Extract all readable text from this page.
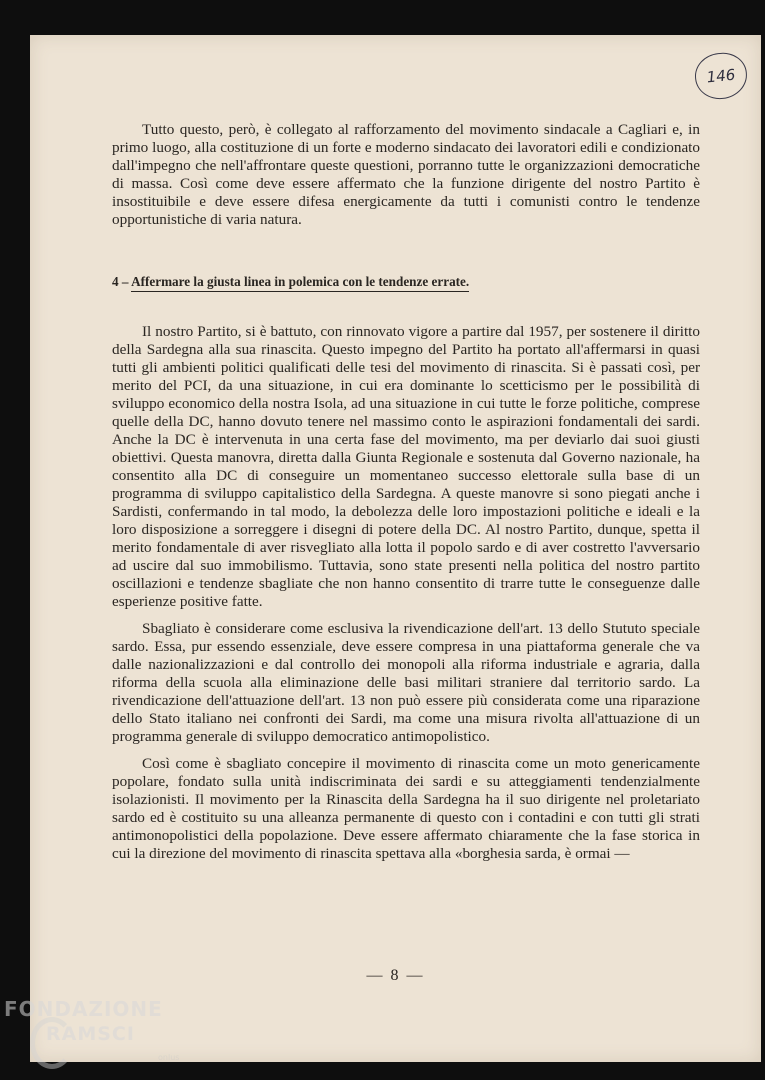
146

Tutto questo, però, è collegato al rafforzamento del movimento sindacale a Cagliari e, in primo luogo, alla costituzione di un forte e moderno sindacato dei lavoratori edili e condizionato dall'impegno che nell'affrontare queste questioni, porranno tutte le organizzazioni democratiche di massa. Così come deve essere affermato che la funzione dirigente del nostro Partito è insostituibile e deve essere difesa energicamente da tutti i comunisti contro le tendenze opportunistiche di varia natura.

4 – Affermare la giusta linea in polemica con le tendenze errate.

Il nostro Partito, si è battuto, con rinnovato vigore a partire dal 1957, per sostenere il diritto della Sardegna alla sua rinascita. Questo impegno del Partito ha portato all'affermarsi in quasi tutti gli ambienti politici qualificati delle tesi del movimento di rinascita. Si è passati così, per merito del PCI, da una situazione, in cui era dominante lo scetticismo per le possibilità di sviluppo economico della nostra Isola, ad una situazione in cui tutte le forze politiche, comprese quelle della DC, hanno dovuto tenere nel massimo conto le aspirazioni fondamentali dei sardi. Anche la DC è intervenuta in una certa fase del movimento, ma per deviarlo dai suoi giusti obiettivi. Questa manovra, diretta dalla Giunta Regionale e sostenuta dal Governo nazionale, ha consentito alla DC di conseguire un momentaneo successo elettorale sulla base di un programma di sviluppo capitalistico della Sardegna. A queste manovre si sono piegati anche i Sardisti, confermando in tal modo, la debolezza delle loro impostazioni politiche e ideali e la loro disposizione a sorreggere i disegni di potere della DC. Al nostro Partito, dunque, spetta il merito fondamentale di aver risvegliato alla lotta il popolo sardo e di aver costretto l'avversario ad uscire dal suo immobilismo. Tuttavia, sono state presenti nella politica del nostro partito oscillazioni e tendenze sbagliate che non hanno consentito di trarre tutte le conseguenze dalle esperienze positive fatte.

Sbagliato è considerare come esclusiva la rivendicazione dell'art. 13 dello Stututo speciale sardo. Essa, pur essendo essenziale, deve essere compresa in una piattaforma generale che va dalle nazionalizzazioni e dal controllo dei monopoli alla riforma industriale e agraria, dalla riforma della scuola alla eliminazione delle basi militari straniere dal territorio sardo. La rivendicazione dell'attuazione dell'art. 13 non può essere più considerata come una riparazione dello Stato italiano nei confronti dei Sardi, ma come una misura rivolta all'attuazione di un programma generale di sviluppo democratico antimopolistico.

Così come è sbagliato concepire il movimento di rinascita come un moto genericamente popolare, fondato sulla unità indiscriminata dei sardi e su atteggiamenti tendenzialmente isolazionisti. Il movimento per la Rinascita della Sardegna ha il suo dirigente nel proletariato sardo ed è costituito su una alleanza permanente di questo con i contadini e con tutti gli strati antimonopolistici della popolazione. Deve essere affermato chiaramente che la fase storica in cui la direzione del movimento di rinascita spettava alla «borghesia sarda, è ormai —

— 8 —
FONDAZIONE
RAMSCI
onlus
